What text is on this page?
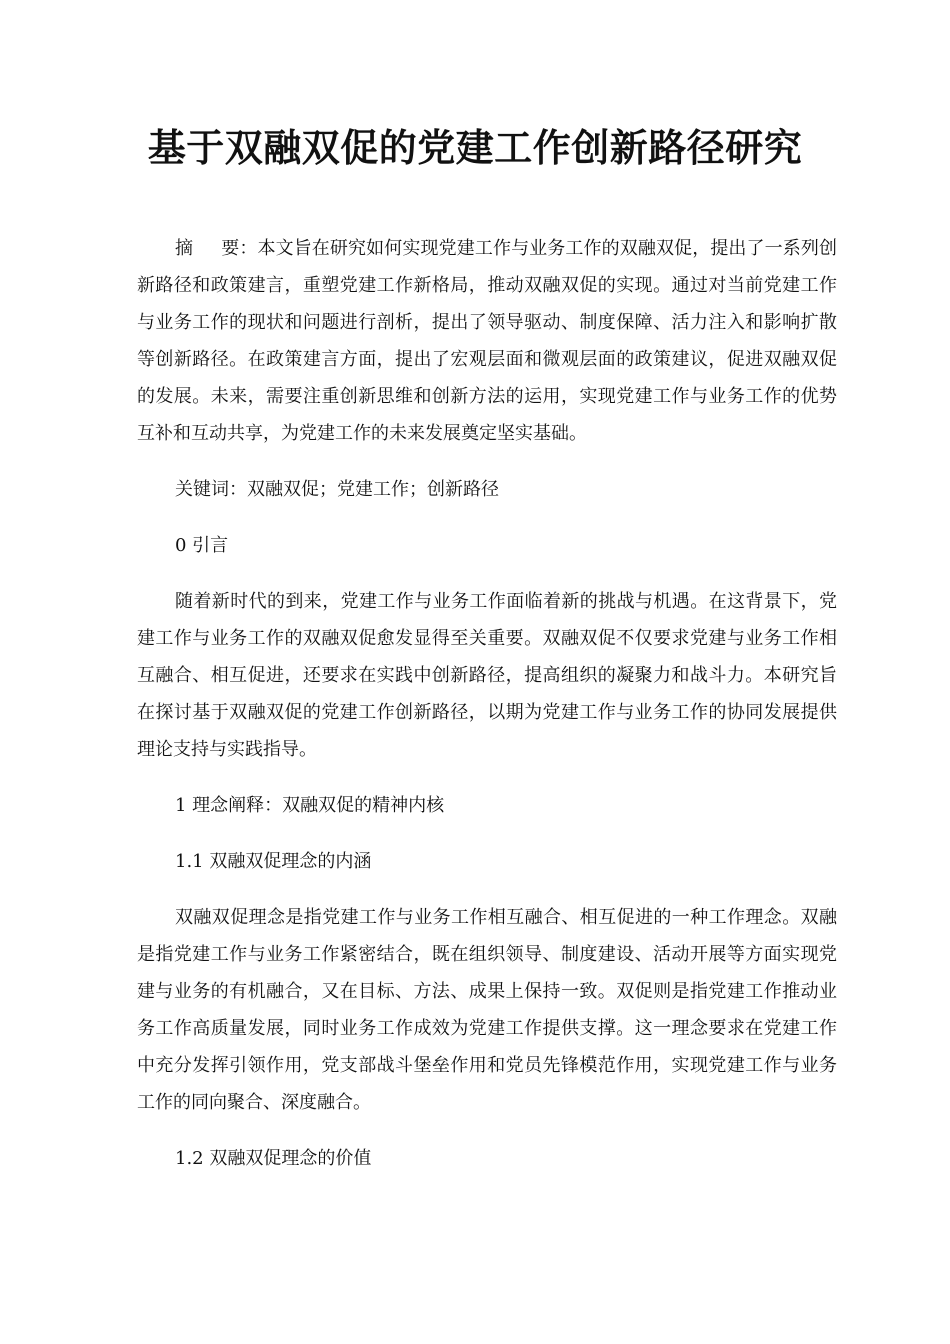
基于双融双促的党建工作创新路径研究

摘 要：本文旨在研究如何实现党建工作与业务工作的双融双促，提出了一系列创新路径和政策建言，重塑党建工作新格局，推动双融双促的实现。通过对当前党建工作与业务工作的现状和问题进行剖析，提出了领导驱动、制度保障、活力注入和影响扩散等创新路径。在政策建言方面，提出了宏观层面和微观层面的政策建议，促进双融双促的发展。未来，需要注重创新思维和创新方法的运用，实现党建工作与业务工作的优势互补和互动共享，为党建工作的未来发展奠定坚实基础。

关键词：双融双促；党建工作；创新路径

0 引言

随着新时代的到来，党建工作与业务工作面临着新的挑战与机遇。在这背景下，党建工作与业务工作的双融双促愈发显得至关重要。双融双促不仅要求党建与业务工作相互融合、相互促进，还要求在实践中创新路径，提高组织的凝聚力和战斗力。本研究旨在探讨基于双融双促的党建工作创新路径，以期为党建工作与业务工作的协同发展提供理论支持与实践指导。

1 理念阐释：双融双促的精神内核

1.1 双融双促理念的内涵

双融双促理念是指党建工作与业务工作相互融合、相互促进的一种工作理念。双融是指党建工作与业务工作紧密结合，既在组织领导、制度建设、活动开展等方面实现党建与业务的有机融合，又在目标、方法、成果上保持一致。双促则是指党建工作推动业务工作高质量发展，同时业务工作成效为党建工作提供支撑。这一理念要求在党建工作中充分发挥引领作用，党支部战斗堡垒作用和党员先锋模范作用，实现党建工作与业务工作的同向聚合、深度融合。

1.2 双融双促理念的价值
